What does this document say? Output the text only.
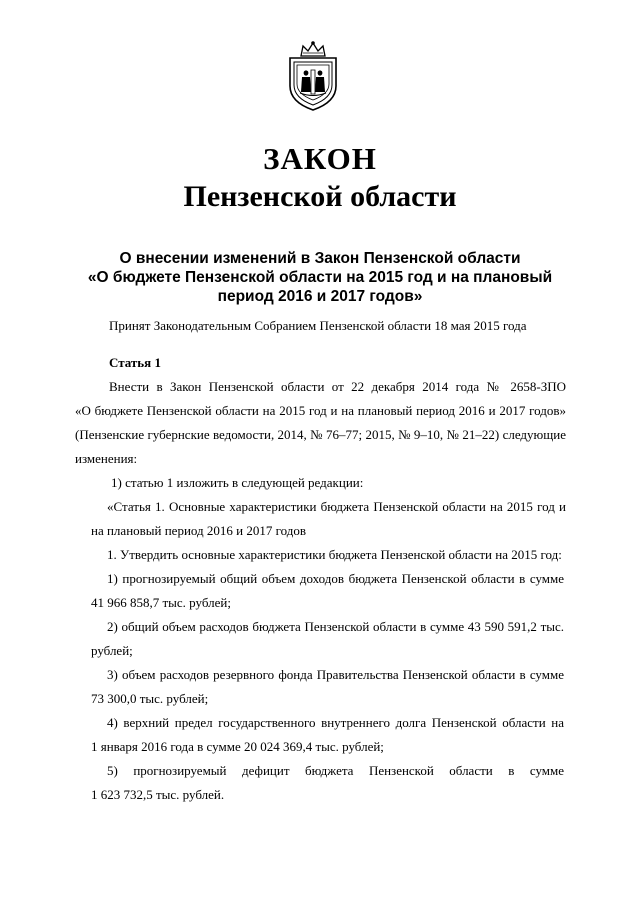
ЗАКОН
Пензенской области
О внесении изменений в Закон Пензенской области
«О бюджете Пензенской области на 2015 год и на плановый
период 2016 и 2017 годов»
Принят Законодательным Собранием Пензенской области 18 мая 2015 года
Статья 1
Внести в Закон Пензенской области от 22 декабря 2014 года № 2658-ЗПО
«О бюджете Пензенской области на 2015 год и на плановый период 2016 и 2017 годов»
(Пензенские губернские ведомости, 2014, № 76–77; 2015, № 9–10, № 21–22) следующие
изменения:
1) статью 1 изложить в следующей редакции:
«Статья 1. Основные характеристики бюджета Пензенской области на 2015 год и
на плановый период 2016 и 2017 годов
1. Утвердить основные характеристики бюджета Пензенской области на 2015 год:
1) прогнозируемый общий объем доходов бюджета Пензенской области в сумме
41 966 858,7 тыс. рублей;
2) общий объем расходов бюджета Пензенской области в сумме 43 590 591,2 тыс.
рублей;
3) объем расходов резервного фонда Правительства Пензенской области в сумме
73 300,0 тыс. рублей;
4) верхний предел государственного внутреннего долга Пензенской области на
1 января 2016 года в сумме 20 024 369,4 тыс. рублей;
5) прогнозируемый дефицит бюджета Пензенской области в сумме
1 623 732,5 тыс. рублей.
